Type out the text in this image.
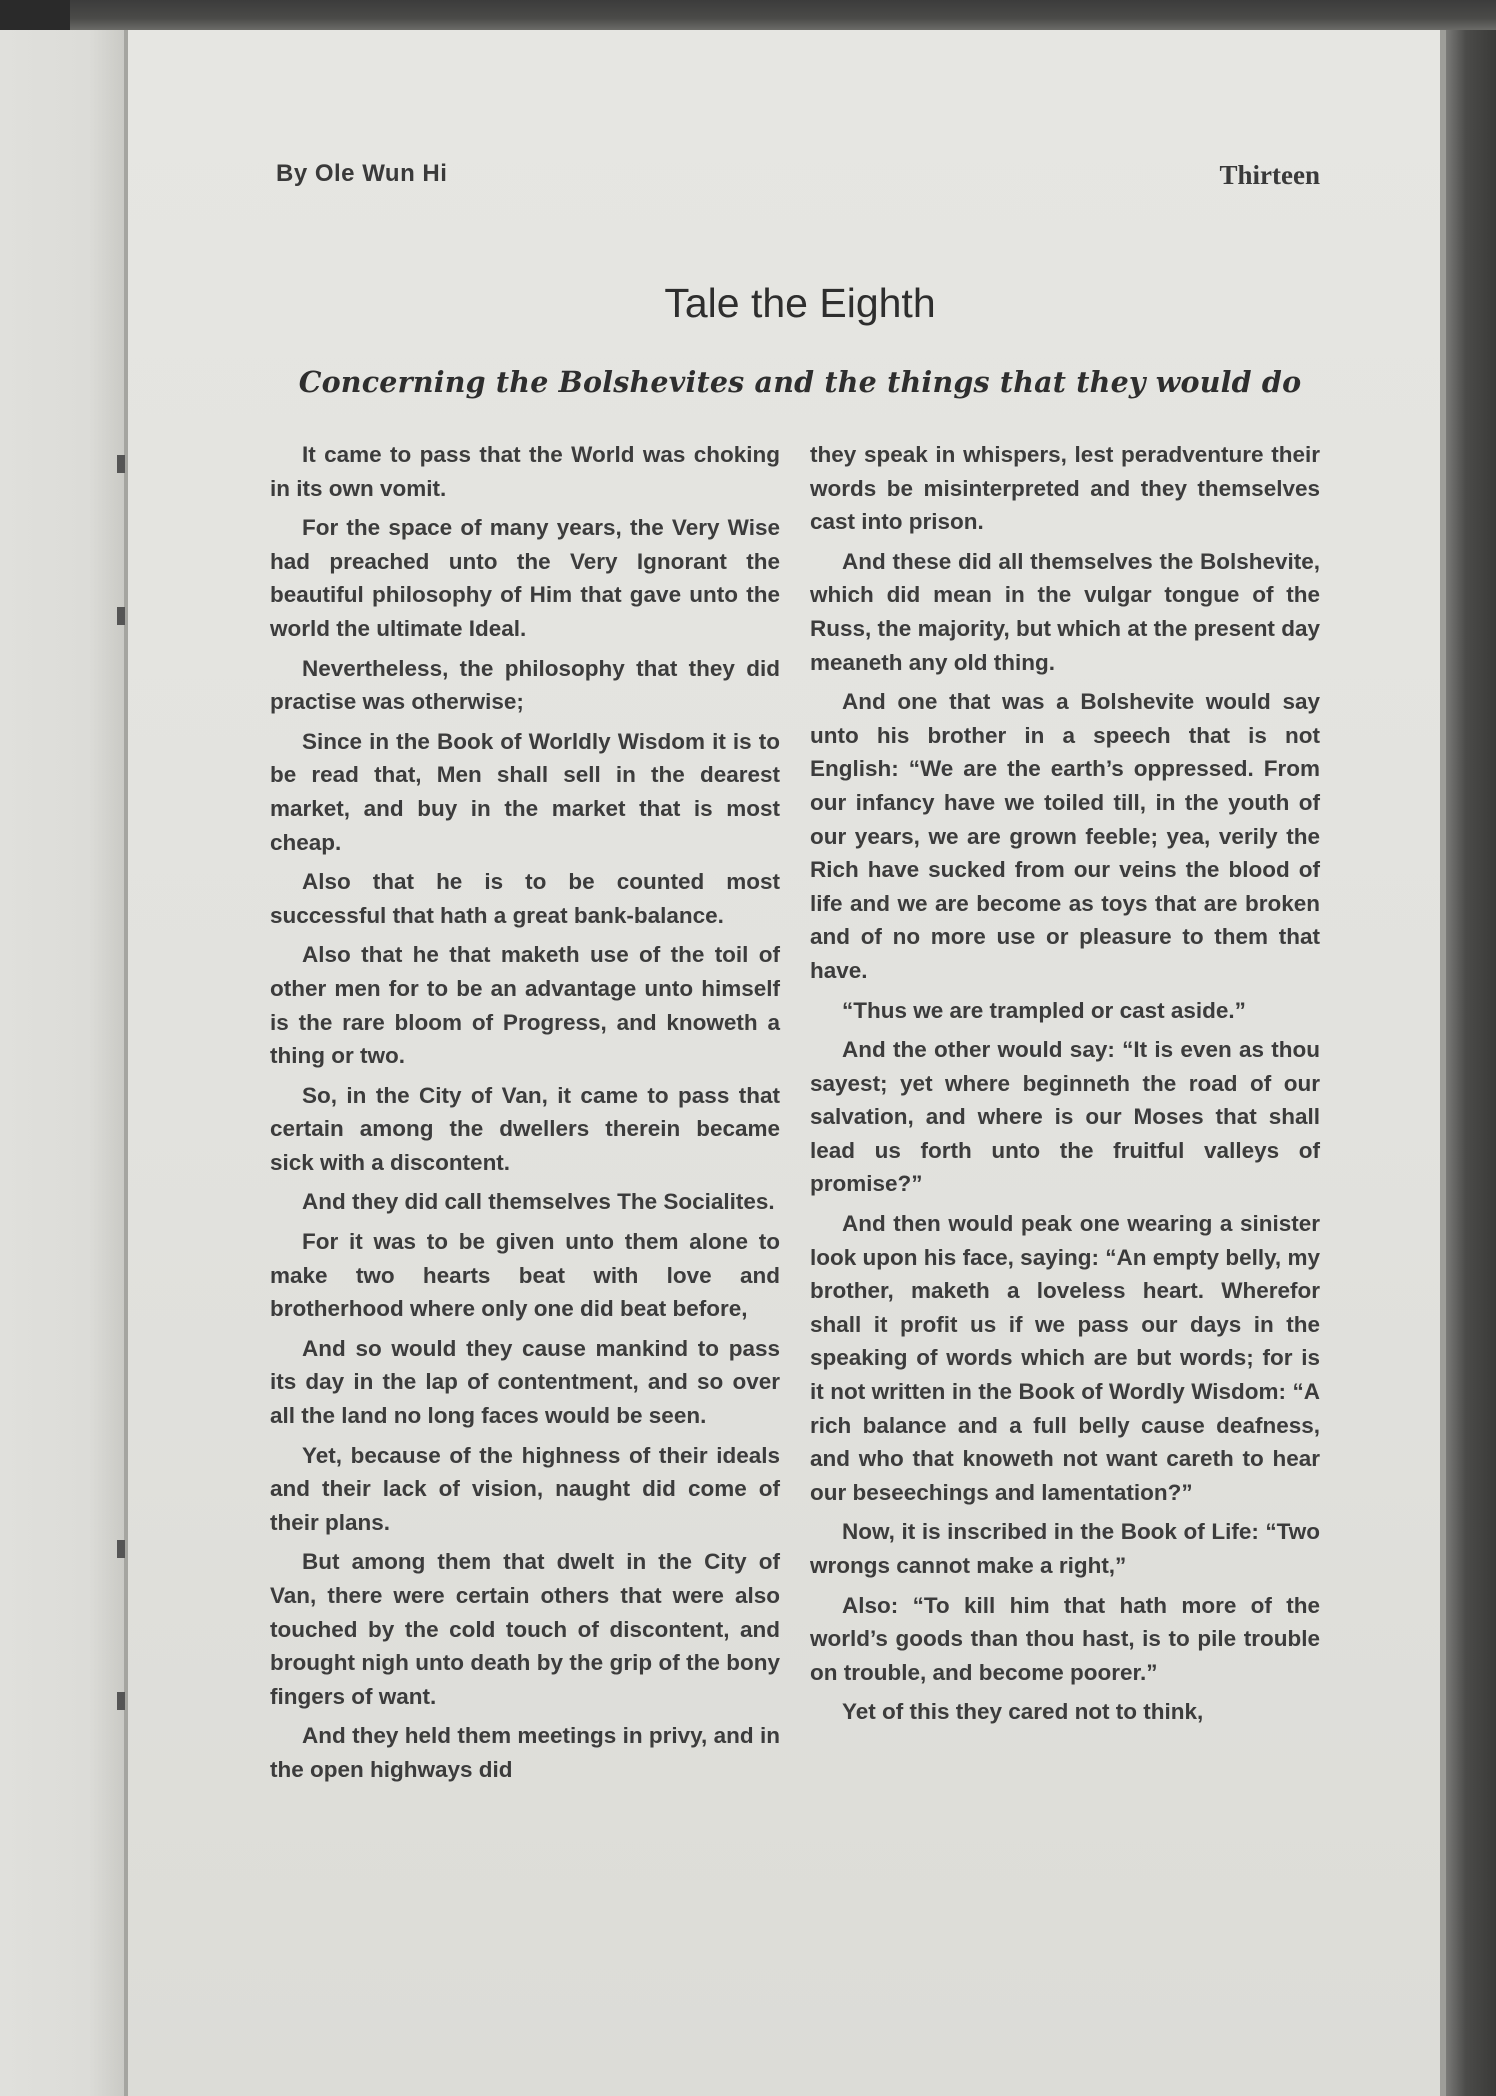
By Ole Wun Hi	Thirteen
Tale the Eighth
Concerning the Bolshevites and the things that they would do

It came to pass that the World was choking in its own vomit.

For the space of many years, the Very Wise had preached unto the Very Ignorant the beautiful philosophy of Him that gave unto the world the ultimate Ideal.

Nevertheless, the philosophy that they did practise was otherwise;

Since in the Book of Worldly Wisdom it is to be read that, Men shall sell in the dearest market, and buy in the market that is most cheap.

Also that he is to be counted most successful that hath a great bank-balance.

Also that he that maketh use of the toil of other men for to be an advantage unto himself is the rare bloom of Progress, and knoweth a thing or two.

So, in the City of Van, it came to pass that certain among the dwellers therein became sick with a discontent.

And they did call themselves The Socialites.

For it was to be given unto them alone to make two hearts beat with love and brotherhood where only one did beat before,

And so would they cause mankind to pass its day in the lap of contentment, and so over all the land no long faces would be seen.

Yet, because of the highness of their ideals and their lack of vision, naught did come of their plans.

But among them that dwelt in the City of Van, there were certain others that were also touched by the cold touch of discontent, and brought nigh unto death by the grip of the bony fingers of want.

And they held them meetings in privy, and in the open highways did

they speak in whispers, lest peradventure their words be misinterpreted and they themselves cast into prison.

And these did all themselves the Bolshevite, which did mean in the vulgar tongue of the Russ, the majority, but which at the present day meaneth any old thing.

And one that was a Bolshevite would say unto his brother in a speech that is not English: “We are the earth’s oppressed. From our infancy have we toiled till, in the youth of our years, we are grown feeble; yea, verily the Rich have sucked from our veins the blood of life and we are become as toys that are broken and of no more use or pleasure to them that have.

“Thus we are trampled or cast aside.”

And the other would say: “It is even as thou sayest; yet where beginneth the road of our salvation, and where is our Moses that shall lead us forth unto the fruitful valleys of promise?”

And then would peak one wearing a sinister look upon his face, saying: “An empty belly, my brother, maketh a loveless heart. Wherefor shall it profit us if we pass our days in the speaking of words which are but words; for is it not written in the Book of Wordly Wisdom: “A rich balance and a full belly cause deafness, and who that knoweth not want careth to hear our beseechings and lamentation?”

Now, it is inscribed in the Book of Life: “Two wrongs cannot make a right,”

Also: “To kill him that hath more of the world’s goods than thou hast, is to pile trouble on trouble, and become poorer.”

Yet of this they cared not to think,
